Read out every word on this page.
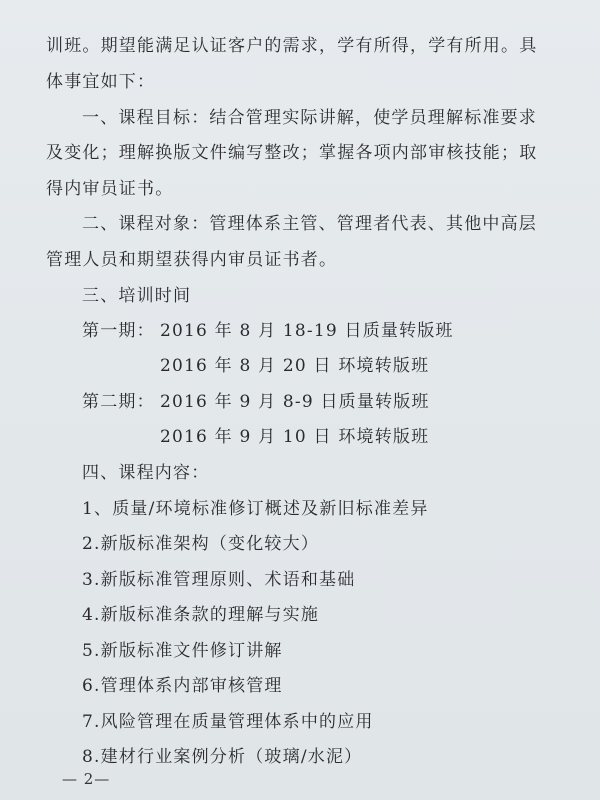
训班。期望能满足认证客户的需求，学有所得，学有所用。具
体事宜如下：
一、课程目标：结合管理实际讲解，使学员理解标准要求
及变化；理解换版文件编写整改；掌握各项内部审核技能；取
得内审员证书。
二、课程对象：管理体系主管、管理者代表、其他中高层
管理人员和期望获得内审员证书者。
三、培训时间
第一期： 2016 年 8 月 18-19 日质量转版班
2016 年 8 月 20 日 环境转版班
第二期： 2016 年 9 月 8-9 日质量转版班
2016 年 9 月 10 日 环境转版班
四、课程内容：
1、质量/环境标准修订概述及新旧标准差异
2.新版标准架构（变化较大）
3.新版标准管理原则、术语和基础
4.新版标准条款的理解与实施
5.新版标准文件修订讲解
6.管理体系内部审核管理
7.风险管理在质量管理体系中的应用
8.建材行业案例分析（玻璃/水泥）
— 2—
